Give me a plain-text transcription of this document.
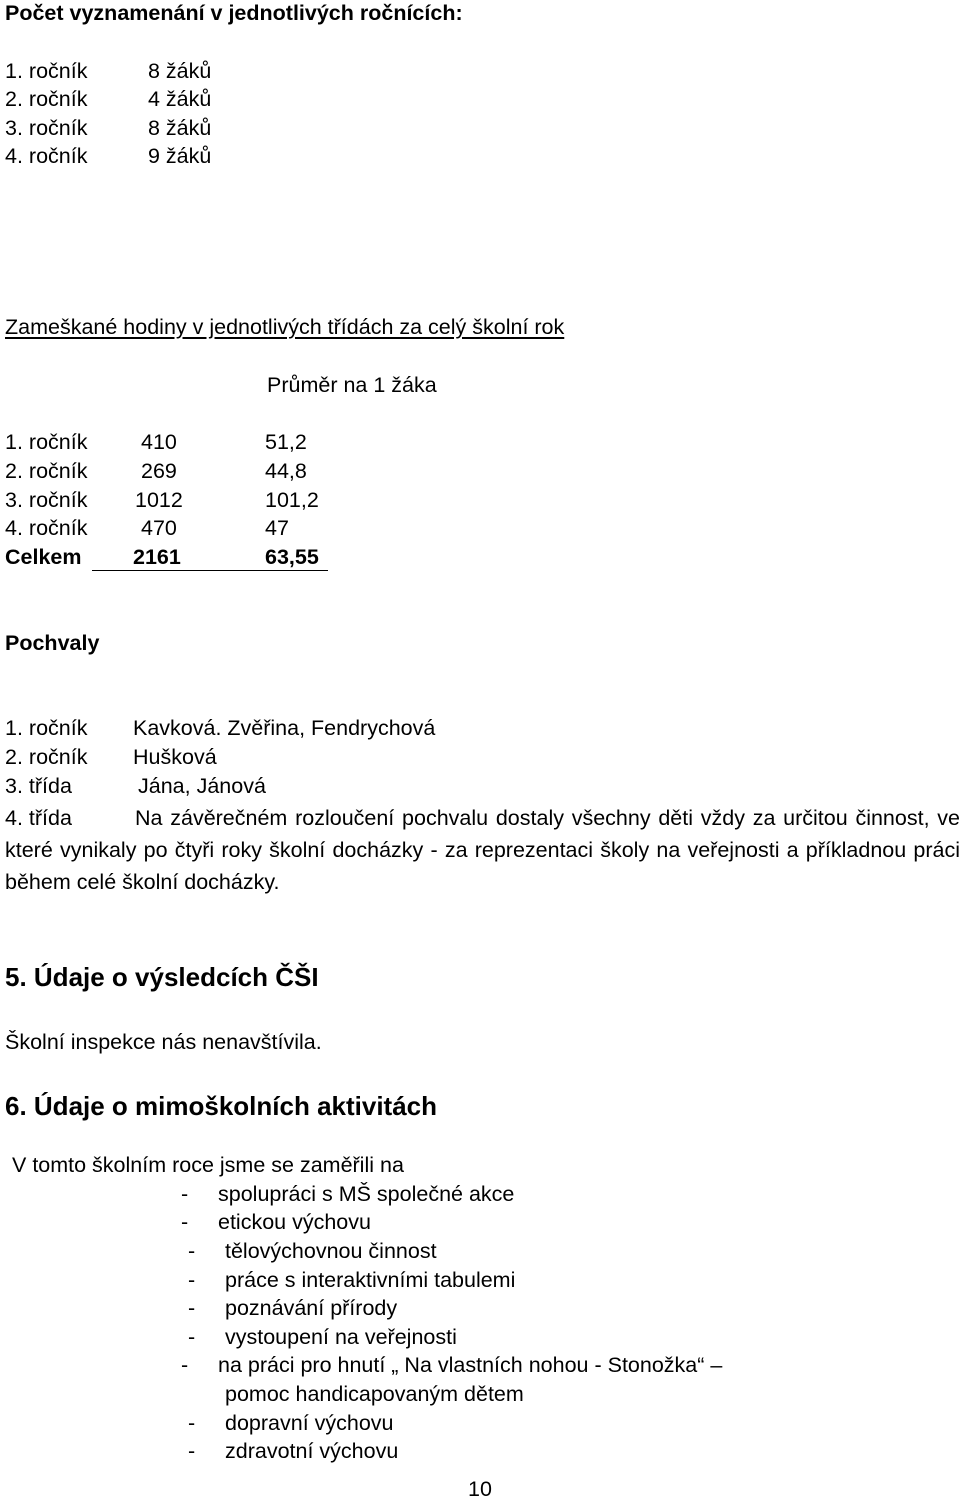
Počet vyznamenání v jednotlivých ročnících:
1. ročník	8 žáků
2. ročník	4 žáků
3. ročník	8 žáků
4. ročník	9 žáků
Zameškané hodiny v jednotlivých třídách za celý školní rok
Průměr na 1 žáka
1. ročník 410	51,2
2. ročník 269	44,8
3. ročník 1012	101,2
4. ročník 470	47
Celkem 2161	63,55
Pochvaly
1. ročník Kavková. Zvěřina, Fendrychová
2. ročník Hušková
3. třída	Jána, Jánová
4. třída	Na závěrečném rozloučení pochvalu dostaly všechny děti vždy za určitou činnost, ve které vynikaly po čtyři roky školní docházky - za reprezentaci školy na veřejnosti a příkladnou práci během celé školní docházky.
5. Údaje o výsledcích ČŠI
Školní inspekce nás nenavštívila.
6. Údaje o mimoškolních aktivitách
V tomto školním roce jsme se zaměřili na
- spolupráci s MŠ společné akce
- etickou výchovu
- tělovýchovnou činnost
- práce s interaktivními tabulemi
- poznávání přírody
- vystoupení na veřejnosti
- na práci pro hnutí „ Na vlastních nohou - Stonožka“ –
pomoc handicapovaným dětem
- dopravní výchovu
- zdravotní výchovu
10
